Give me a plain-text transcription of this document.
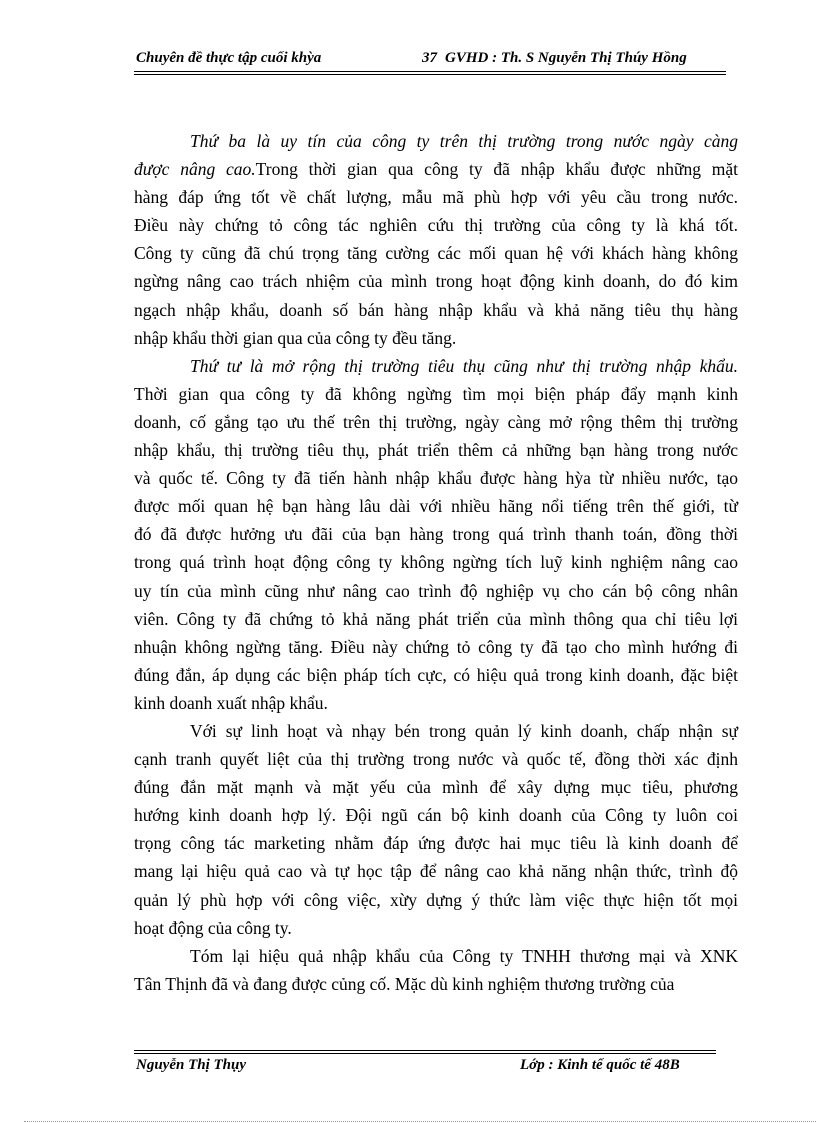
Chuyên đề thực tập cuối khỳa	37 GVHD : Th. S Nguyễn Thị Thúy Hồng
Thứ ba là uy tín của công ty trên thị trường trong nước ngày càng
được nâng cao.Trong thời gian qua công ty đã nhập khẩu được những mặt
hàng đáp ứng tốt về chất lượng, mẫu mã phù hợp với yêu cầu trong nước.
Điều này chứng tỏ công tác nghiên cứu thị trường của công ty là khá tốt.
Công ty cũng đã chú trọng tăng cường các mối quan hệ với khách hàng không
ngừng nâng cao trách nhiệm của mình trong hoạt động kinh doanh, do đó kim
ngạch nhập khẩu, doanh số bán hàng nhập khẩu và khả năng tiêu thụ hàng
nhập khẩu thời gian qua của công ty đều tăng.
Thứ tư là mở rộng thị trường tiêu thụ cũng như thị trường nhập khẩu.
Thời gian qua công ty đã không ngừng tìm mọi biện pháp đẩy mạnh kinh
doanh, cố gắng tạo ưu thế trên thị trường, ngày càng mở rộng thêm thị trường
nhập khẩu, thị trường tiêu thụ, phát triển thêm cả những bạn hàng trong nước
và quốc tế. Công ty đã tiến hành nhập khẩu được hàng hỳa từ nhiều nước, tạo
được mối quan hệ bạn hàng lâu dài với nhiều hãng nổi tiếng trên thế giới, từ
đó đã được hưởng ưu đãi của bạn hàng trong quá trình thanh toán, đồng thời
trong quá trình hoạt động công ty không ngừng tích luỹ kinh nghiệm nâng cao
uy tín của mình cũng như nâng cao trình độ nghiệp vụ cho cán bộ công nhân
viên. Công ty đã chứng tỏ khả năng phát triển của mình thông qua chỉ tiêu lợi
nhuận không ngừng tăng. Điều này chứng tỏ công ty đã tạo cho mình hướng đi
đúng đắn, áp dụng các biện pháp tích cực, có hiệu quả trong kinh doanh, đặc biệt
kinh doanh xuất nhập khẩu.
Với sự linh hoạt và nhạy bén trong quản lý kinh doanh, chấp nhận sự
cạnh tranh quyết liệt của thị trường trong nước và quốc tế, đồng thời xác định
đúng đắn mặt mạnh và mặt yếu của mình để xây dựng mục tiêu, phương
hướng kinh doanh hợp lý. Đội ngũ cán bộ kinh doanh của Công ty luôn coi
trọng công tác marketing nhằm đáp ứng được hai mục tiêu là kinh doanh để
mang lại hiệu quả cao và tự học tập để nâng cao khả năng nhận thức, trình độ
quản lý phù hợp với công việc, xừy dựng ý thức làm việc thực hiện tốt mọi
hoạt động của công ty.
Tóm lại hiệu quả nhập khẩu của Công ty TNHH thương mại và XNK
Tân Thịnh đã và đang được củng cố. Mặc dù kinh nghiệm thương trường của
Nguyễn Thị Thụy	Lớp : Kinh tế quốc tế 48B
